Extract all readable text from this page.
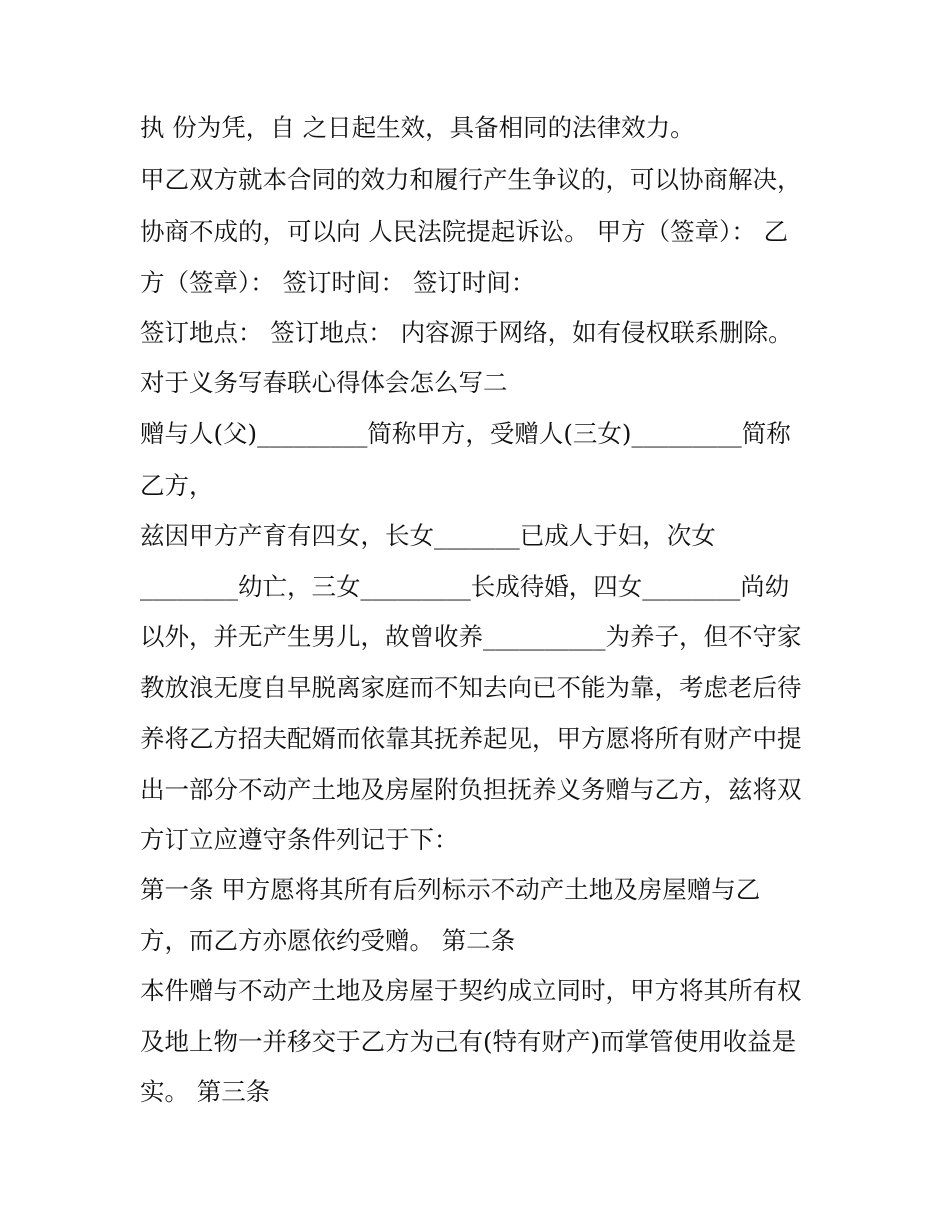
执 份为凭，自 之日起生效，具备相同的法律效力。
甲乙双方就本合同的效力和履行产生争议的，可以协商解决，
协商不成的，可以向 人民法院提起诉讼。 甲方（签章）： 乙
方（签章）： 签订时间： 签订时间：
签订地点： 签订地点： 内容源于网络，如有侵权联系删除。
对于义务写春联心得体会怎么写二
赠与人(父)_________简称甲方，受赠人(三女)_________简称
乙方，
兹因甲方产育有四女，长女_______已成人于妇，次女
________幼亡，三女_________长成待婚，四女________尚幼
以外，并无产生男儿，故曾收养__________为养子，但不守家
教放浪无度自早脱离家庭而不知去向已不能为靠，考虑老后待
养将乙方招夫配婿而依靠其抚养起见，甲方愿将所有财产中提
出一部分不动产土地及房屋附负担抚养义务赠与乙方，兹将双
方订立应遵守条件列记于下：
第一条 甲方愿将其所有后列标示不动产土地及房屋赠与乙
方，而乙方亦愿依约受赠。 第二条
本件赠与不动产土地及房屋于契约成立同时，甲方将其所有权
及地上物一并移交于乙方为己有(特有财产)而掌管使用收益是
实。 第三条
